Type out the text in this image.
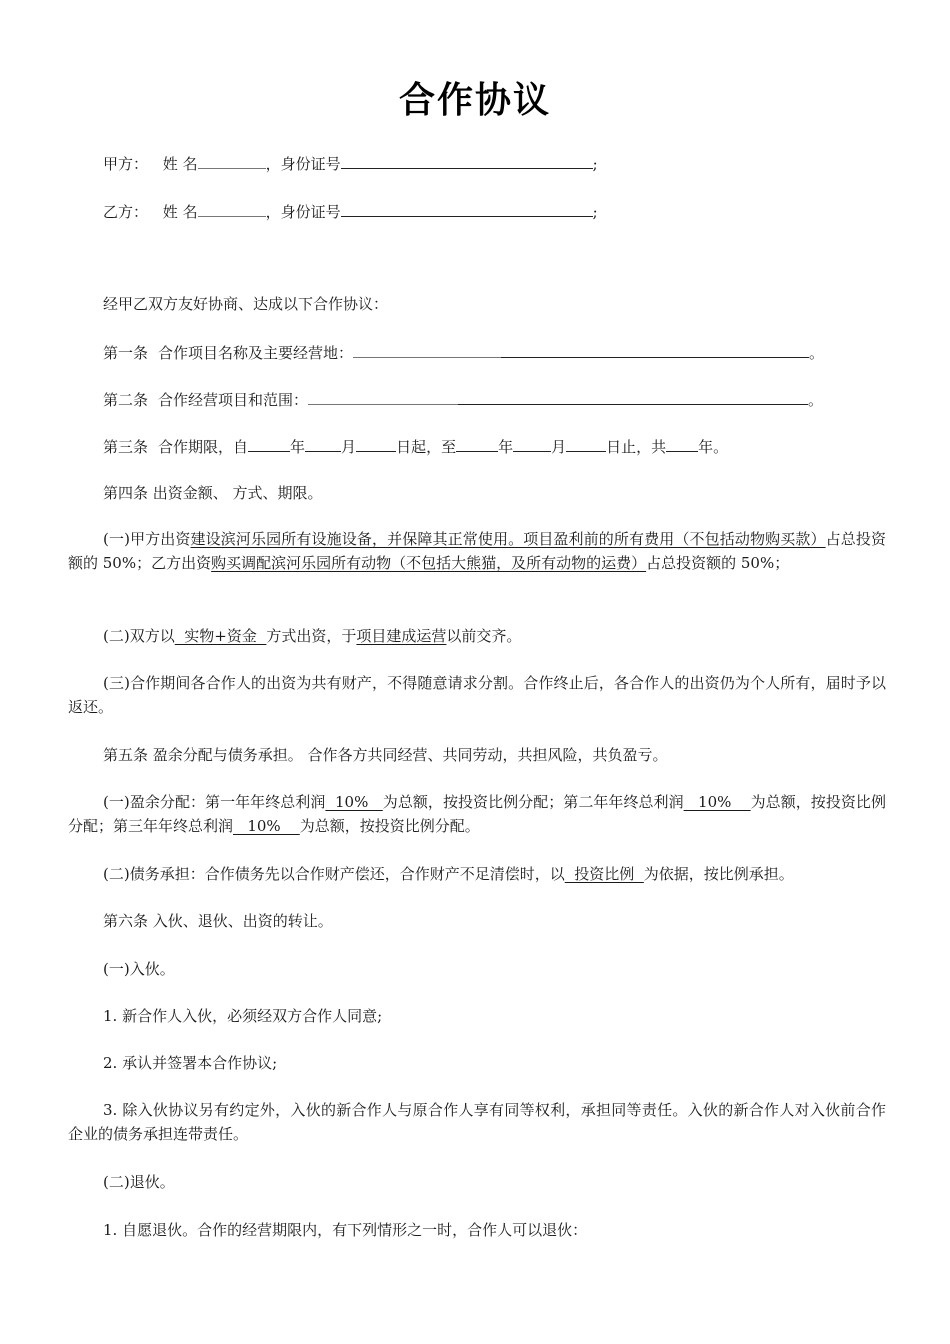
合作协议
甲方： 姓 名	，身份证号	;
乙方： 姓 名	，身份证号	;
经甲乙双方友好协商、达成以下合作协议：
第一条 合作项目名称及主要经营地：	。
第二条 合作经营项目和范围：	。
第三条 合作期限，自	年 月	日起，至	年	月	日止，共 年。
第四条 出资金额、 方式、期限。
(一)甲方出资建设滨河乐园所有设施设备，并保障其正常使用。项目盈利前的所有费用（不包括动物购买款）占总投资额的 50%；乙方出资购买调配滨河乐园所有动物（不包括大熊猫，及所有动物的运费）占总投资额的 50%；
(二)双方以  实物+资金  方式出资，于项目建成运营以前交齐。
(三)合作期间各合作人的出资为共有财产，不得随意请求分割。合作终止后，各合作人的出资仍为个人所有，届时予以返还。
第五条 盈余分配与债务承担。 合作各方共同经营、共同劳动，共担风险，共负盈亏。
(一)盈余分配：第一年年终总利润  10%   为总额，按投资比例分配；第二年年终总利润   10%    为总额，按投资比例分配；第三年年终总利润   10%    为总额，按投资比例分配。
(二)债务承担：合作债务先以合作财产偿还，合作财产不足清偿时，以  投资比例  为依据，按比例承担。
第六条 入伙、退伙、出资的转让。
(一)入伙。
1. 新合作人入伙，必须经双方合作人同意;
2. 承认并签署本合作协议;
3. 除入伙协议另有约定外，入伙的新合作人与原合作人享有同等权利，承担同等责任。入伙的新合作人对入伙前合作企业的债务承担连带责任。
(二)退伙。
1. 自愿退伙。合作的经营期限内，有下列情形之一时，合作人可以退伙：
